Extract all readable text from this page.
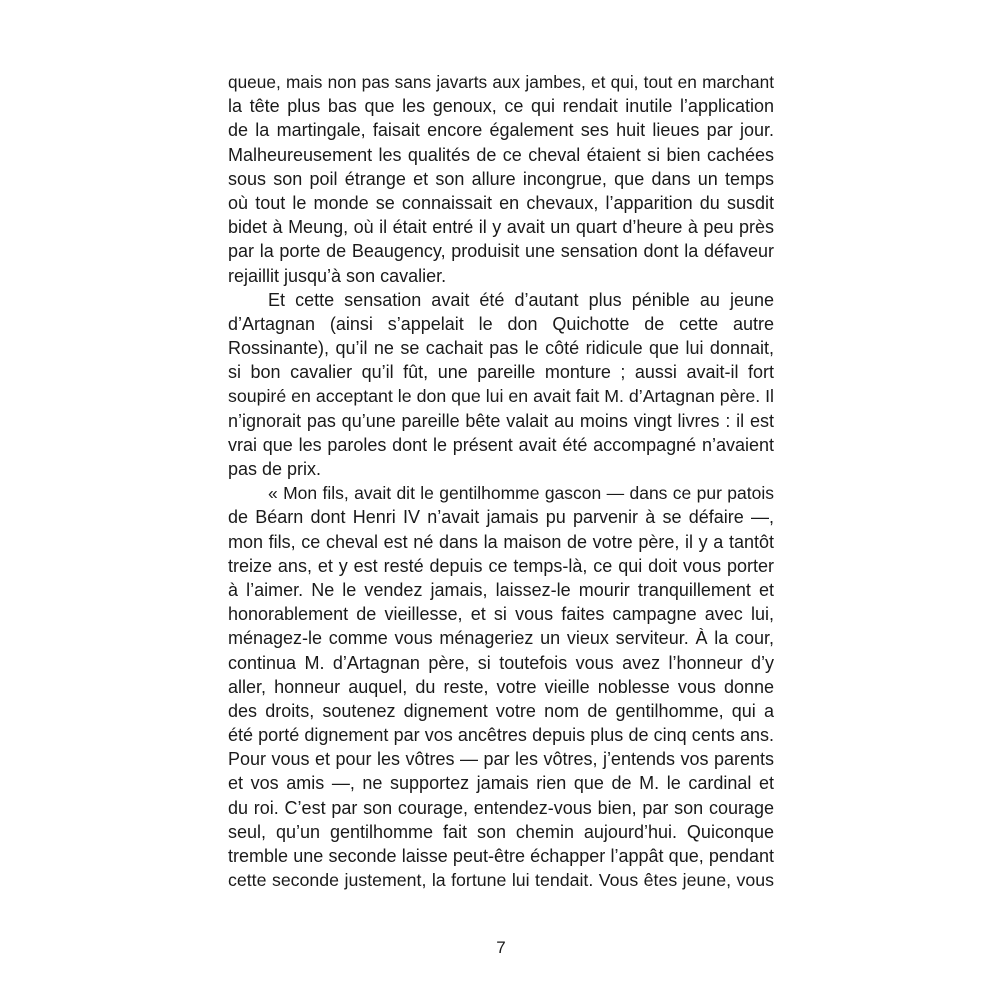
queue, mais non pas sans javarts aux jambes, et qui, tout en marchant
la tête plus bas que les genoux, ce qui rendait inutile l’application
de la martingale, faisait encore également ses huit lieues par jour.
Malheureusement les qualités de ce cheval étaient si bien cachées
sous son poil étrange et son allure incongrue, que dans un temps
où tout le monde se connaissait en chevaux, l’apparition du susdit
bidet à Meung, où il était entré il y avait un quart d’heure à peu près
par la porte de Beaugency, produisit une sensation dont la défaveur
rejaillit jusqu’à son cavalier.
Et cette sensation avait été d’autant plus pénible au jeune
d’Artagnan (ainsi s’appelait le don Quichotte de cette autre
Rossinante), qu’il ne se cachait pas le côté ridicule que lui donnait,
si bon cavalier qu’il fût, une pareille monture ; aussi avait-il fort
soupiré en acceptant le don que lui en avait fait M. d’Artagnan père. Il
n’ignorait pas qu’une pareille bête valait au moins vingt livres : il est
vrai que les paroles dont le présent avait été accompagné n’avaient
pas de prix.
« Mon fils, avait dit le gentilhomme gascon — dans ce pur patois
de Béarn dont Henri IV n’avait jamais pu parvenir à se défaire —,
mon fils, ce cheval est né dans la maison de votre père, il y a tantôt
treize ans, et y est resté depuis ce temps-là, ce qui doit vous porter
à l’aimer. Ne le vendez jamais, laissez-le mourir tranquillement et
honorablement de vieillesse, et si vous faites campagne avec lui,
ménagez-le comme vous ménageriez un vieux serviteur. À la cour,
continua M. d’Artagnan père, si toutefois vous avez l’honneur d’y
aller, honneur auquel, du reste, votre vieille noblesse vous donne
des droits, soutenez dignement votre nom de gentilhomme, qui a
été porté dignement par vos ancêtres depuis plus de cinq cents ans.
Pour vous et pour les vôtres — par les vôtres, j’entends vos parents
et vos amis —, ne supportez jamais rien que de M. le cardinal et
du roi. C’est par son courage, entendez-vous bien, par son courage
seul, qu’un gentilhomme fait son chemin aujourd’hui. Quiconque
tremble une seconde laisse peut-être échapper l’appât que, pendant
cette seconde justement, la fortune lui tendait. Vous êtes jeune, vous
7
